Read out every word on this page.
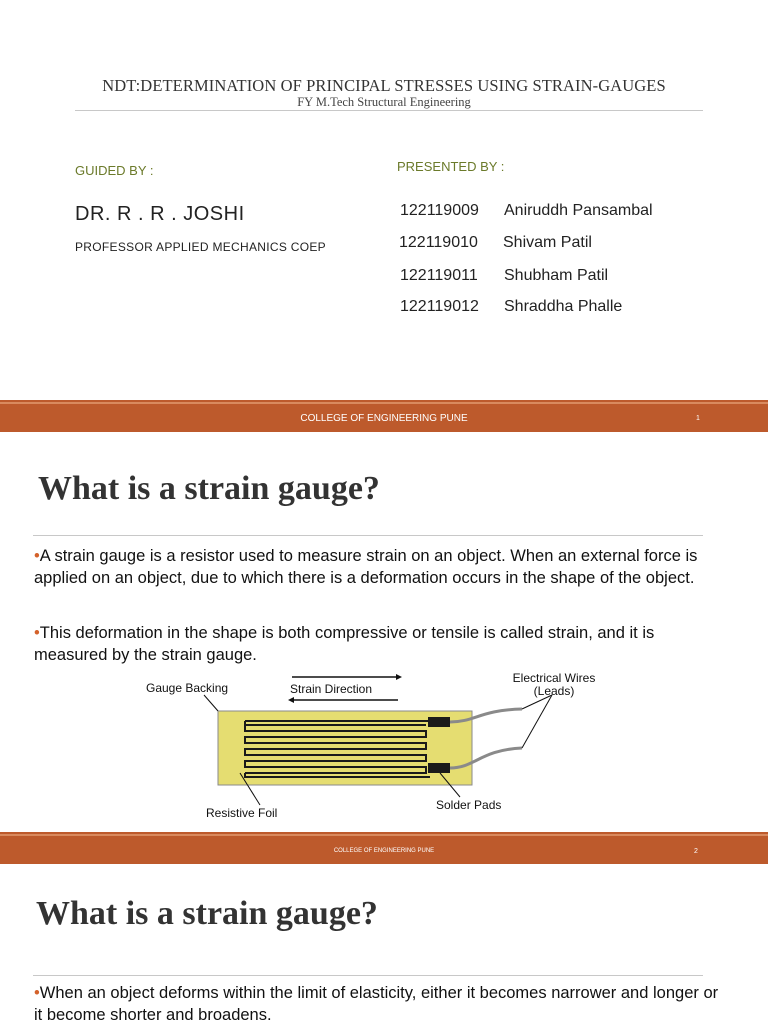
NDT:DETERMINATION OF PRINCIPAL STRESSES USING STRAIN-GAUGES
FY M.Tech Structural Engineering
GUIDED BY :	PRESENTED BY :
DR. R . R . JOSHI
PROFESSOR APPLIED MECHANICS COEP
122119009 Aniruddh Pansambal
122119010 Shivam Patil
122119011 Shubham Patil
122119012 Shraddha Phalle
COLLEGE OF ENGINEERING PUNE	1
What is a strain gauge?
•A strain gauge is a resistor used to measure strain on an object. When an external force is applied on an object, due to which there is a deformation occurs in the shape of the object.
•This deformation in the shape is both compressive or tensile is called strain, and it is measured by the strain gauge.
Gauge Backing	Strain Direction
Electrical Wires
(Leads)
Resistive Foil
Solder Pads
COLLEGE OF ENGINEERING PUNE	2
What is a strain gauge?
•When an object deforms within the limit of elasticity, either it becomes narrower and longer or it become shorter and broadens.
